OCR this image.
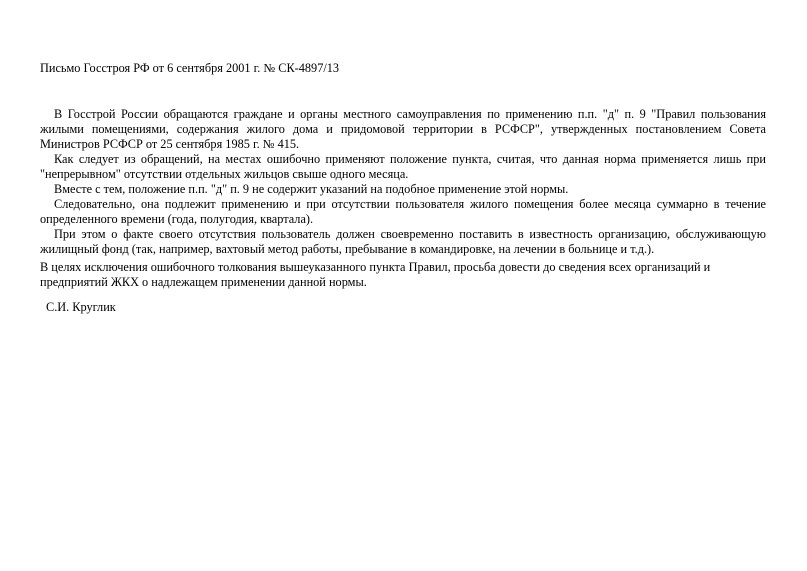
Письмо Госстроя РФ от 6 сентября 2001 г. № СК-4897/13

В Госстрой России обращаются граждане и органы местного самоуправления по применению п.п. "д" п. 9 "Правил пользования жилыми помещениями, содержания жилого дома и придомовой территории в РСФСР", утвержденных постановлением Совета Министров РСФСР от 25 сентября 1985 г. № 415.

Как следует из обращений, на местах ошибочно применяют положение пункта, считая, что данная норма применяется лишь при "непрерывном" отсутствии отдельных жильцов свыше одного месяца.

Вместе с тем, положение п.п. "д" п. 9 не содержит указаний на подобное применение этой нормы.

Следовательно, она подлежит применению и при отсутствии пользователя жилого помещения более месяца суммарно в течение определенного времени (года, полугодия, квартала).

При этом о факте своего отсутствия пользователь должен своевременно поставить в известность организацию, обслуживающую жилищный фонд (так, например, вахтовый метод работы, пребывание в командировке, на лечении в больнице и т.д.).

В целях исключения ошибочного толкования вышеуказанного пункта Правил, просьба довести до сведения всех организаций и предприятий ЖКХ о надлежащем применении данной нормы.

С.И. Круглик
